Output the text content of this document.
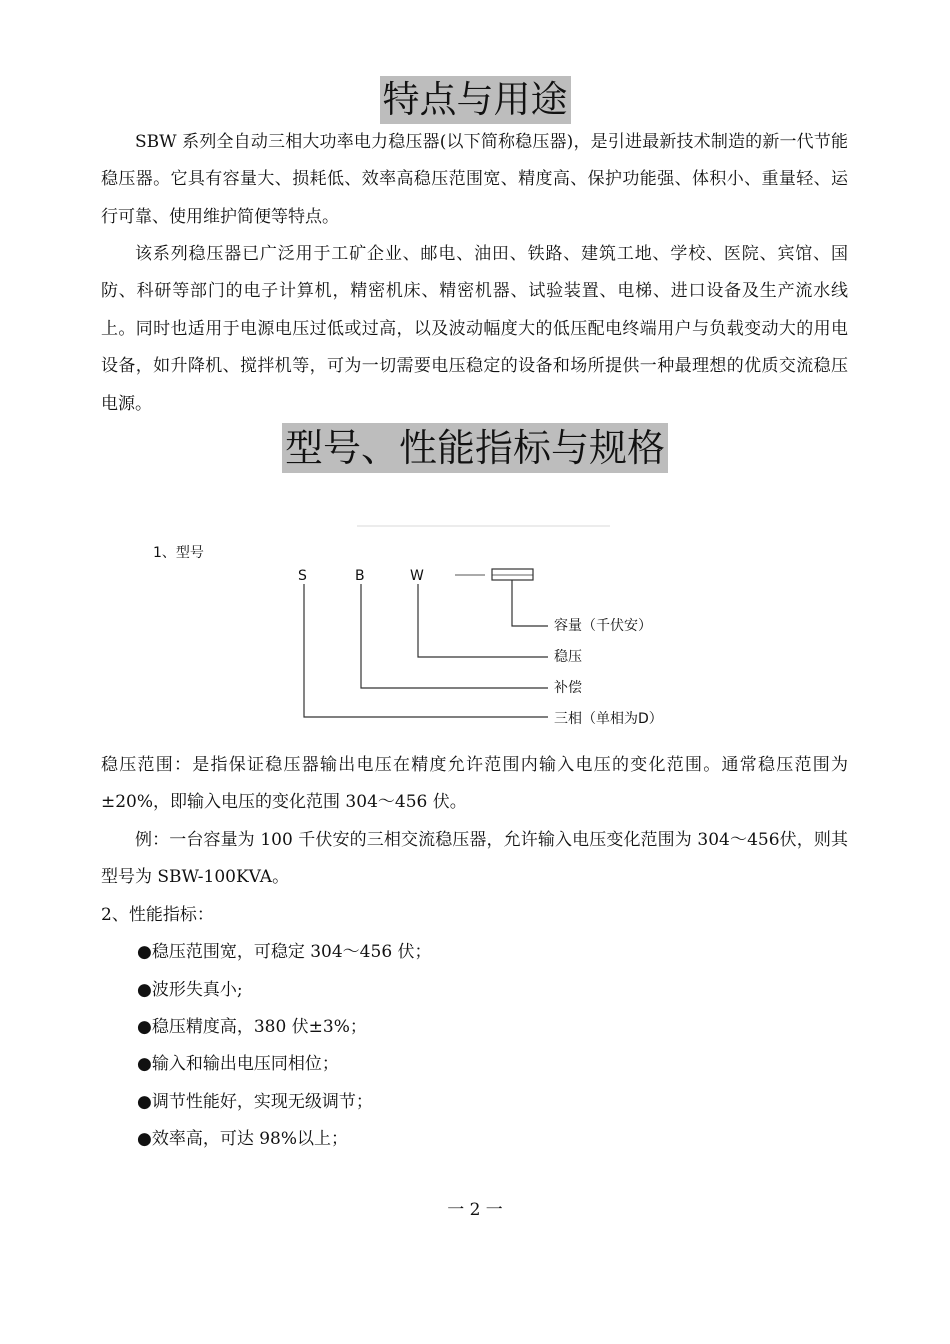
特点与用途
SBW 系列全自动三相大功率电力稳压器(以下简称稳压器)，是引进最新技术制造的新一代节能稳压器。它具有容量大、损耗低、效率高稳压范围宽、精度高、保护功能强、体积小、重量轻、运行可靠、使用维护简便等特点。
该系列稳压器已广泛用于工矿企业、邮电、油田、铁路、建筑工地、学校、医院、宾馆、国防、科研等部门的电子计算机，精密机床、精密机器、试验装置、电梯、进口设备及生产流水线上。同时也适用于电源电压过低或过高，以及波动幅度大的低压配电终端用户与负载变动大的用电设备，如升降机、搅拌机等，可为一切需要电压稳定的设备和场所提供一种最理想的优质交流稳压电源。
型号、性能指标与规格
1、型号
S	B	W
容量（千伏安）
稳压
补偿
三相（单相为D）
稳压范围：是指保证稳压器输出电压在精度允许范围内输入电压的变化范围。通常稳压范围为±20%，即输入电压的变化范围 304～456 伏。
例：一台容量为 100 千伏安的三相交流稳压器，允许输入电压变化范围为 304～456伏，则其型号为 SBW-100KVA。
2、性能指标：
●稳压范围宽，可稳定 304～456 伏；
●波形失真小;
●稳压精度高，380 伏±3%；
●输入和输出电压同相位；
●调节性能好，实现无级调节；
●效率高，可达 98%以上；
一 2 一
